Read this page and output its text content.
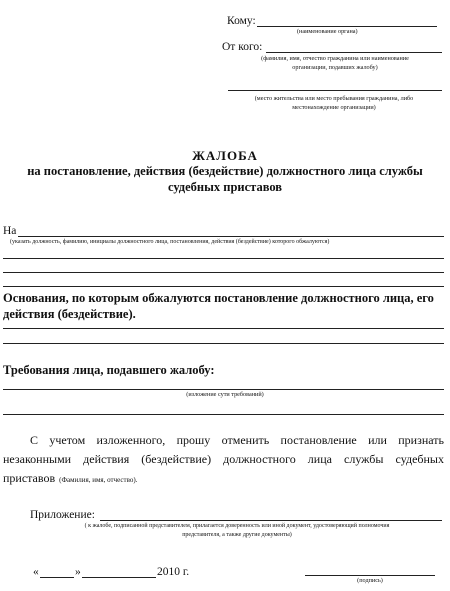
Кому:
(наименование органа)
От кого:
(фамилия, имя, отчество гражданина или наименование
организации, подавших жалобу)
(место жительства или место пребывания гражданина, либо
местонахождение организации)
ЖАЛОБА
на постановление, действия (бездействие) должностного лица службы
судебных приставов
На
(указать должность, фамилию, инициалы должностного лица, постановления, действия (бездействие) которого обжалуются)
Основания, по которым обжалуются постановление должностного лица, его
действия (бездействие).
Требования лица, подавшего жалобу:
(изложение сути требований)
С учетом изложенного, прошу отменить постановление или признать
незаконными действия (бездействие) должностного лица службы судебных
приставов (Фамилия, имя, отчество).
Приложение:
( к жалобе, подписанной представителем, прилагается доверенность или иной документ, удостоверяющий полномочия
представителя, а также другие документы)
«	»	2010 г.
(подпись)
